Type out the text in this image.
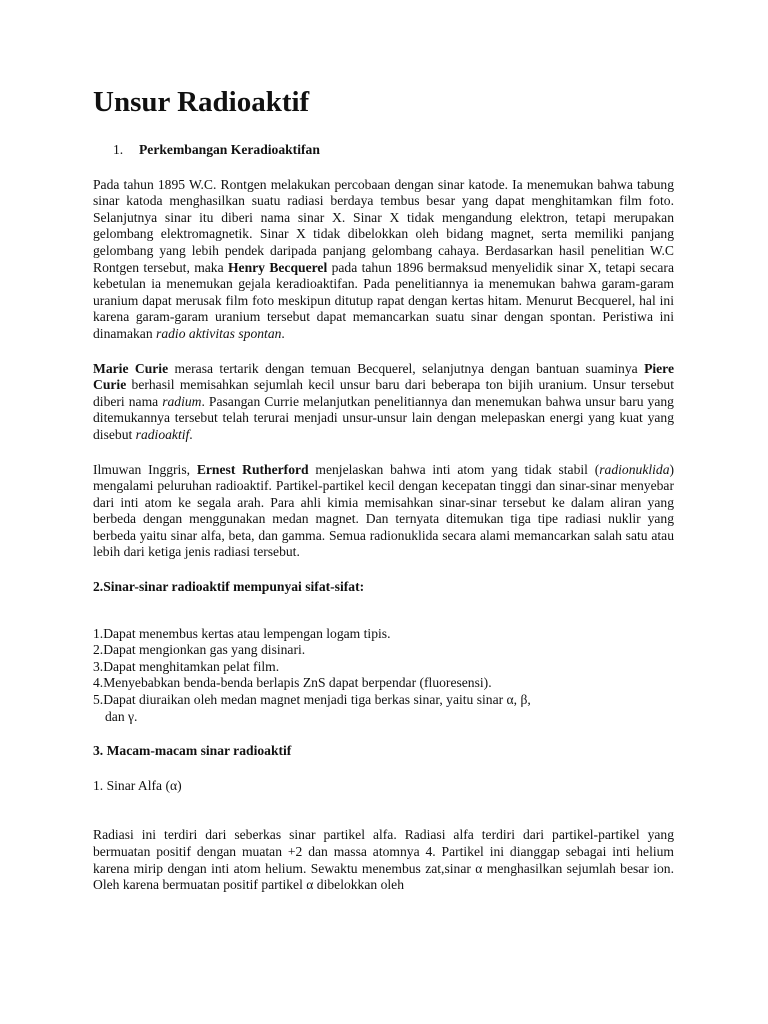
Unsur Radioaktif
1. Perkembangan Keradioaktifan

Pada tahun 1895 W.C. Rontgen melakukan percobaan dengan sinar katode. Ia menemukan bahwa tabung sinar katoda menghasilkan suatu radiasi berdaya tembus besar yang dapat menghitamkan film foto. Selanjutnya sinar itu diberi nama sinar X. Sinar X tidak mengandung elektron, tetapi merupakan gelombang elektromagnetik. Sinar X tidak dibelokkan oleh bidang magnet, serta memiliki panjang gelombang yang lebih pendek daripada panjang gelombang cahaya. Berdasarkan hasil penelitian W.C Rontgen tersebut, maka Henry Becquerel pada tahun 1896 bermaksud menyelidik sinar X, tetapi secara kebetulan ia menemukan gejala keradioaktifan. Pada penelitiannya ia menemukan bahwa garam-garam uranium dapat merusak film foto meskipun ditutup rapat dengan kertas hitam. Menurut Becquerel, hal ini karena garam-garam uranium tersebut dapat memancarkan suatu sinar dengan spontan. Peristiwa ini dinamakan radio aktivitas spontan.

Marie Curie merasa tertarik dengan temuan Becquerel, selanjutnya dengan bantuan suaminya Piere Curie berhasil memisahkan sejumlah kecil unsur baru dari beberapa ton bijih uranium. Unsur tersebut diberi nama radium. Pasangan Currie melanjutkan penelitiannya dan menemukan bahwa unsur baru yang ditemukannya tersebut telah terurai menjadi unsur-unsur lain dengan melepaskan energi yang kuat yang disebut radioaktif.

Ilmuwan Inggris, Ernest Rutherford menjelaskan bahwa inti atom yang tidak stabil (radionuklida) mengalami peluruhan radioaktif. Partikel-partikel kecil dengan kecepatan tinggi dan sinar-sinar menyebar dari inti atom ke segala arah. Para ahli kimia memisahkan sinar-sinar tersebut ke dalam aliran yang berbeda dengan menggunakan medan magnet. Dan ternyata ditemukan tiga tipe radiasi nuklir yang berbeda yaitu sinar alfa, beta, dan gamma. Semua radionuklida secara alami memancarkan salah satu atau lebih dari ketiga jenis radiasi tersebut.

2.Sinar-sinar radioaktif mempunyai sifat-sifat:
1.Dapat menembus kertas atau lempengan logam tipis.
2.Dapat mengionkan gas yang disinari.
3.Dapat menghitamkan pelat film.
4.Menyebabkan benda-benda berlapis ZnS dapat berpendar (fluoresensi).
5.Dapat diuraikan oleh medan magnet menjadi tiga berkas sinar, yaitu sinar α, β,
dan γ.
3. Macam-macam sinar radioaktif
1. Sinar Alfa (α)

Radiasi ini terdiri dari seberkas sinar partikel alfa. Radiasi alfa terdiri dari partikel-partikel yang bermuatan positif dengan muatan +2 dan massa atomnya 4. Partikel ini dianggap sebagai inti helium karena mirip dengan inti atom helium. Sewaktu menembus zat,sinar α menghasilkan sejumlah besar ion. Oleh karena bermuatan positif partikel α dibelokkan oleh
